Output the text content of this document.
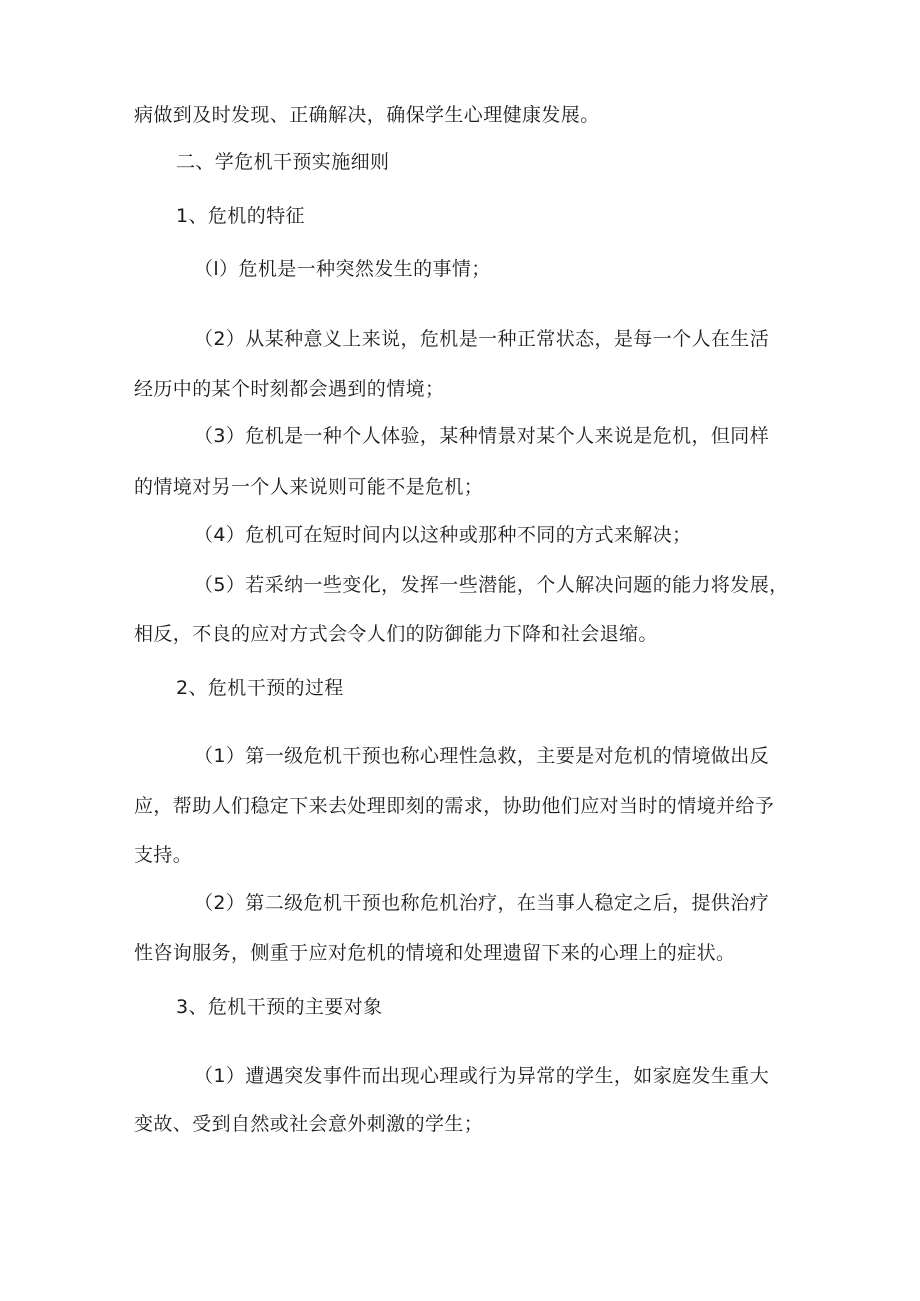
病做到及时发现、正确解决，确保学生心理健康发展。
二、学危机干预实施细则
1、危机的特征
（l）危机是一种突然发生的事情；
（2）从某种意义上来说，危机是一种正常状态，是每一个人在生活
经历中的某个时刻都会遇到的情境；
（3）危机是一种个人体验，某种情景对某个人来说是危机，但同样
的情境对另一个人来说则可能不是危机；
（4）危机可在短时间内以这种或那种不同的方式来解决；
（5）若采纳一些变化，发挥一些潜能，个人解决问题的能力将发展，
相反，不良的应对方式会令人们的防御能力下降和社会退缩。
2、危机干预的过程
（1）第一级危机干预也称心理性急救，主要是对危机的情境做出反
应，帮助人们稳定下来去处理即刻的需求，协助他们应对当时的情境并给予
支持。
（2）第二级危机干预也称危机治疗，在当事人稳定之后，提供治疗
性咨询服务，侧重于应对危机的情境和处理遗留下来的心理上的症状。
3、危机干预的主要对象
（1）遭遇突发事件而出现心理或行为异常的学生，如家庭发生重大
变故、受到自然或社会意外刺激的学生；
